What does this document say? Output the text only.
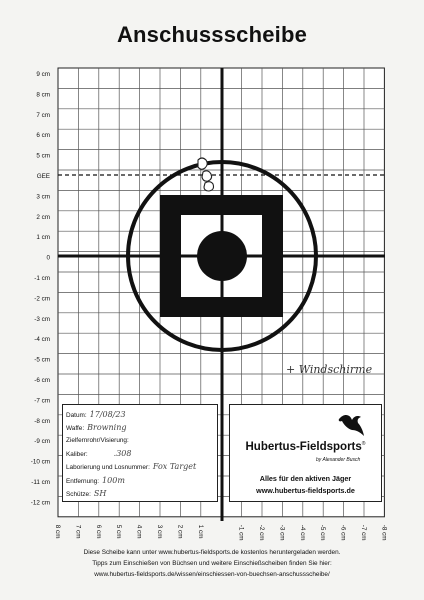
Anschussscheibe
9 cm
8 cm
7 cm
6 cm
5 cm
GEE
3 cm
2 cm
1 cm
0
-1 cm
-2 cm
-3 cm
-4 cm
-5 cm
-6 cm
-7 cm
-8 cm
-9 cm
-10 cm
-11 cm
-12 cm
8 cm 7 cm 6 cm 5 cm 4 cm 3 cm 2 cm 1 cm	-1 cm -2 cm -3 cm -4 cm -5 cm -6 cm -7 cm -8 cm
+ Windschirme
Datum: 17/08/23
Waffe: Browning
Zielfernrohr/Visierung:
Kaliber:	.308
Laborierung und Losnummer: Fox Target
Entfernung: 100m
Schütze: SH
Hubertus-Fieldsports®
by Alexander Busch
Alles für den aktiven Jäger
www.hubertus-fieldsports.de
Diese Scheibe kann unter www.hubertus-fieldsports.de kostenlos heruntergeladen werden.
Tipps zum Einschießen von Büchsen und weitere Einschießscheiben finden Sie hier:
www.hubertus-fieldsports.de/wissen/einschiessen-von-buechsen-anschussscheibe/
